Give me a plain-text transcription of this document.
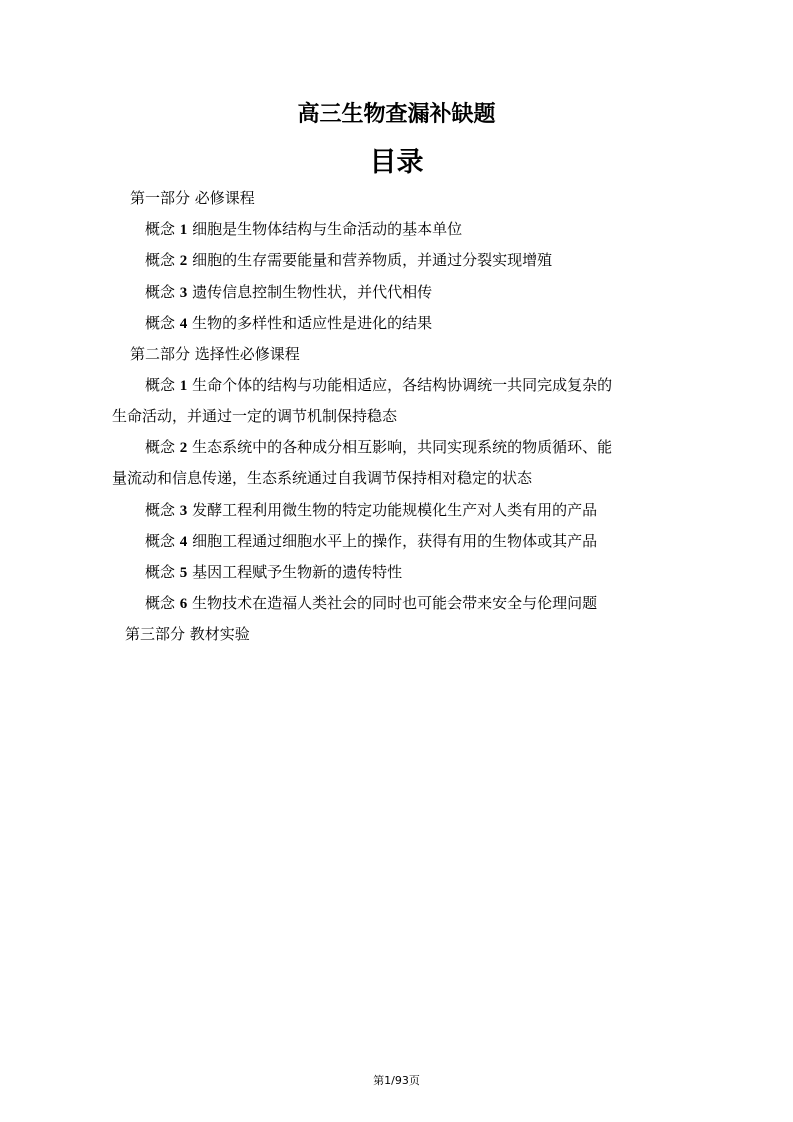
高三生物查漏补缺题
目录
第一部分 必修课程
概念 1 细胞是生物体结构与生命活动的基本单位
概念 2 细胞的生存需要能量和营养物质，并通过分裂实现增殖
概念 3 遗传信息控制生物性状，并代代相传
概念 4 生物的多样性和适应性是进化的结果
第二部分 选择性必修课程
概念 1 生命个体的结构与功能相适应，各结构协调统一共同完成复杂的
生命活动，并通过一定的调节机制保持稳态
概念 2 生态系统中的各种成分相互影响，共同实现系统的物质循环、能
量流动和信息传递，生态系统通过自我调节保持相对稳定的状态
概念 3 发酵工程利用微生物的特定功能规模化生产对人类有用的产品
概念 4 细胞工程通过细胞水平上的操作，获得有用的生物体或其产品
概念 5 基因工程赋予生物新的遗传特性
概念 6 生物技术在造福人类社会的同时也可能会带来安全与伦理问题
第三部分 教材实验
第1/93页
